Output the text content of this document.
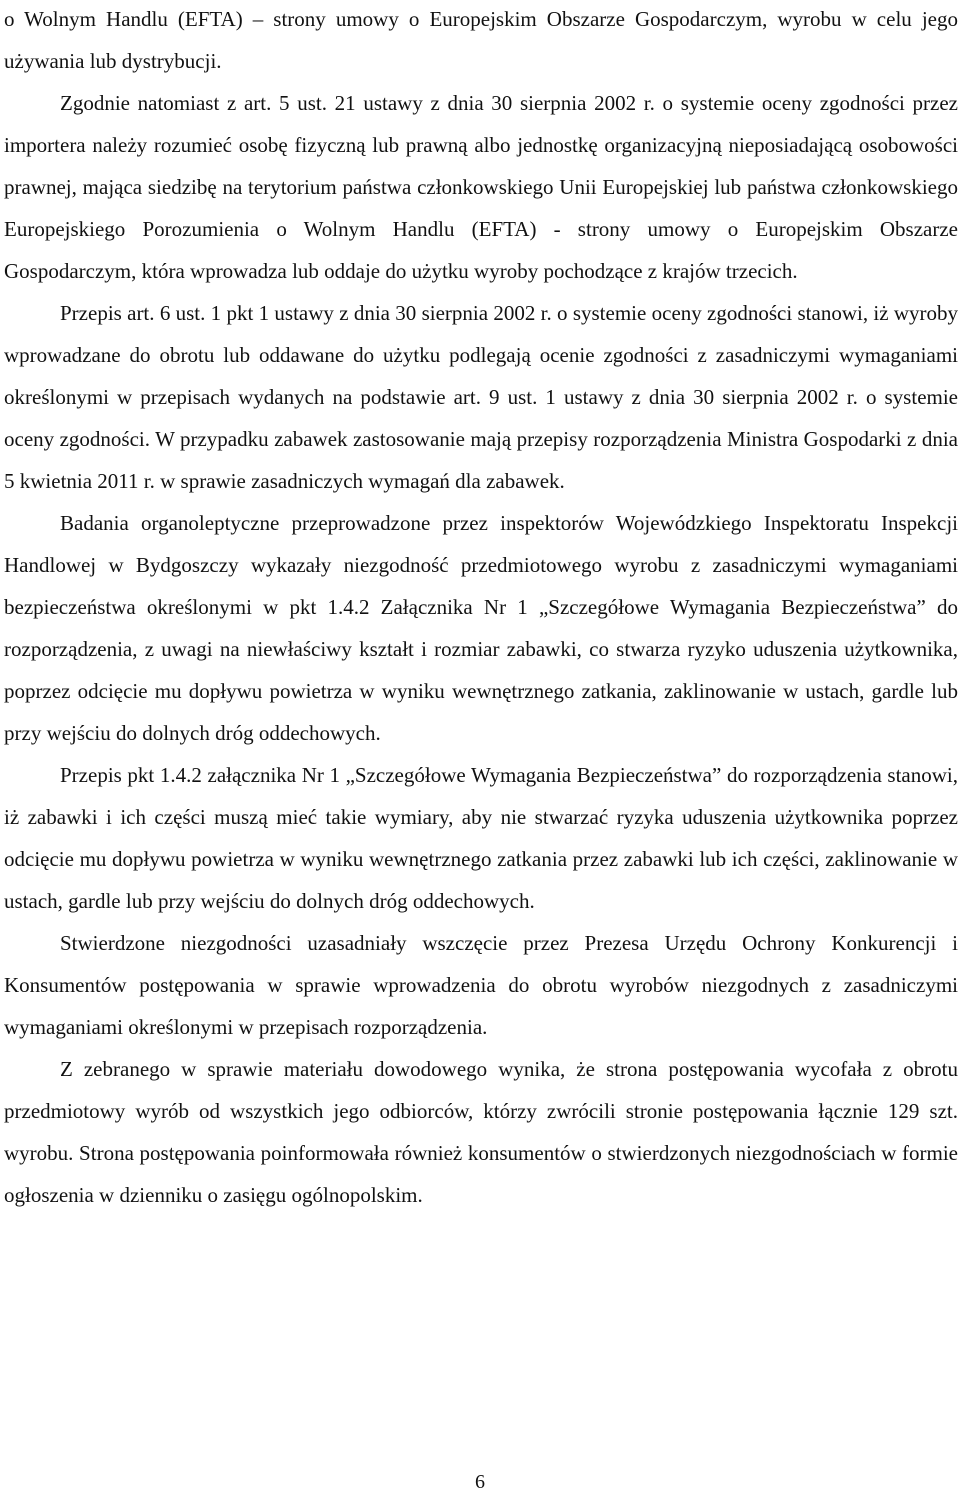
o Wolnym Handlu (EFTA) – strony umowy o Europejskim Obszarze Gospodarczym, wyrobu w celu jego używania lub dystrybucji.

Zgodnie natomiast z art. 5 ust. 21 ustawy z dnia 30 sierpnia 2002 r. o systemie oceny zgodności przez importera należy rozumieć osobę fizyczną lub prawną albo jednostkę organizacyjną nieposiadającą osobowości prawnej, mająca siedzibę na terytorium państwa członkowskiego Unii Europejskiej lub państwa członkowskiego Europejskiego Porozumienia o Wolnym Handlu (EFTA) - strony umowy o Europejskim Obszarze Gospodarczym, która wprowadza lub oddaje do użytku wyroby pochodzące z krajów trzecich.

Przepis art. 6 ust. 1 pkt 1 ustawy z dnia 30 sierpnia 2002 r. o systemie oceny zgodności stanowi, iż wyroby wprowadzane do obrotu lub oddawane do użytku podlegają ocenie zgodności z zasadniczymi wymaganiami określonymi w przepisach wydanych na podstawie art. 9 ust. 1 ustawy z dnia 30 sierpnia 2002 r. o systemie oceny zgodności. W przypadku zabawek zastosowanie mają przepisy rozporządzenia Ministra Gospodarki z dnia 5 kwietnia 2011 r. w sprawie zasadniczych wymagań dla zabawek.

Badania organoleptyczne przeprowadzone przez inspektorów Wojewódzkiego Inspektoratu Inspekcji Handlowej w Bydgoszczy wykazały niezgodność przedmiotowego wyrobu z zasadniczymi wymaganiami bezpieczeństwa określonymi w pkt 1.4.2 Załącznika Nr 1 „Szczegółowe Wymagania Bezpieczeństwa” do rozporządzenia, z uwagi na niewłaściwy kształt i rozmiar zabawki, co stwarza ryzyko uduszenia użytkownika, poprzez odcięcie mu dopływu powietrza w wyniku wewnętrznego zatkania, zaklinowanie w ustach, gardle lub przy wejściu do dolnych dróg oddechowych.

Przepis pkt 1.4.2 załącznika Nr 1 „Szczegółowe Wymagania Bezpieczeństwa” do rozporządzenia stanowi, iż zabawki i ich części muszą mieć takie wymiary, aby nie stwarzać ryzyka uduszenia użytkownika poprzez odcięcie mu dopływu powietrza w wyniku wewnętrznego zatkania przez zabawki lub ich części, zaklinowanie w ustach, gardle lub przy wejściu do dolnych dróg oddechowych.

Stwierdzone niezgodności uzasadniały wszczęcie przez Prezesa Urzędu Ochrony Konkurencji i Konsumentów postępowania w sprawie wprowadzenia do obrotu wyrobów niezgodnych z zasadniczymi wymaganiami określonymi w przepisach rozporządzenia.

Z zebranego w sprawie materiału dowodowego wynika, że strona postępowania wycofała z obrotu przedmiotowy wyrób od wszystkich jego odbiorców, którzy zwrócili stronie postępowania łącznie 129 szt. wyrobu. Strona postępowania poinformowała również konsumentów o stwierdzonych niezgodnościach w formie ogłoszenia w dzienniku o zasięgu ogólnopolskim.

6
